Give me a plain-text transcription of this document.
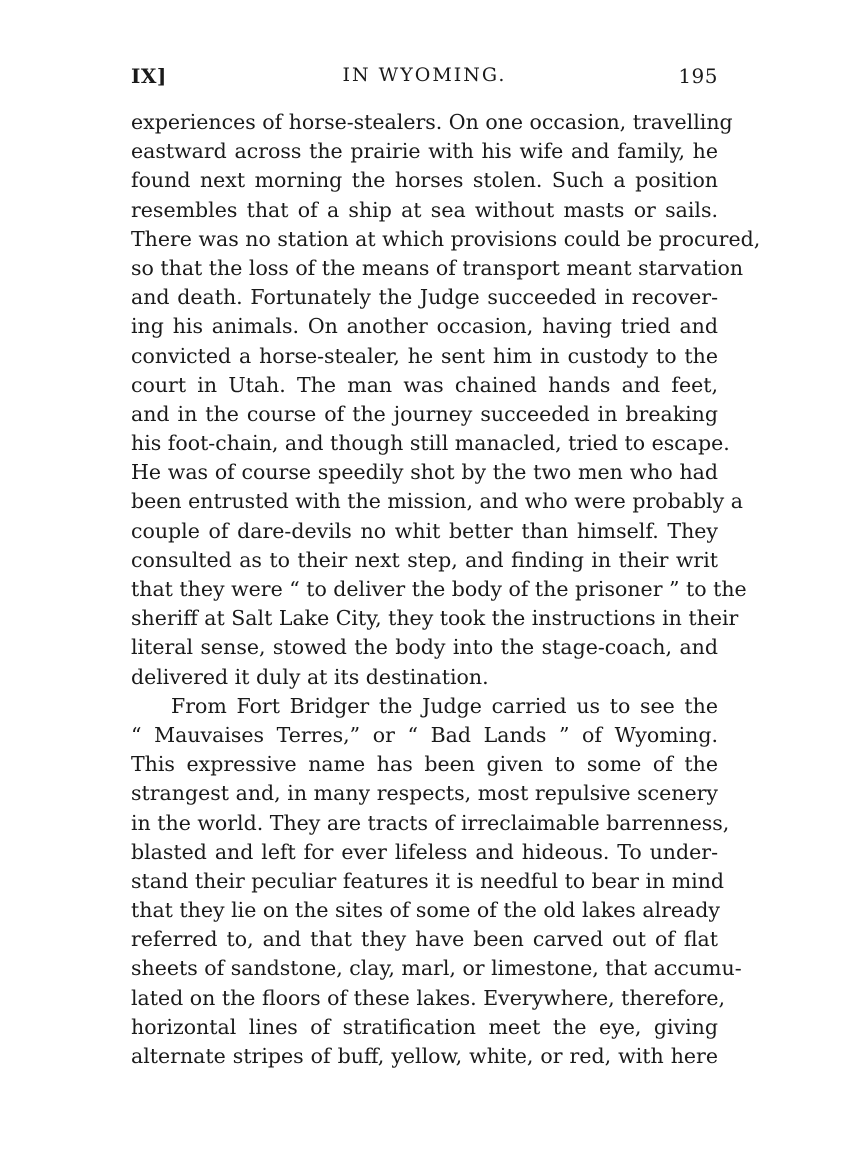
IX]	IN WYOMING.	195
experiences of horse-stealers. On one occasion, travelling
eastward across the prairie with his wife and family, he
found next morning the horses stolen. Such a position
resembles that of a ship at sea without masts or sails.
There was no station at which provisions could be procured,
so that the loss of the means of transport meant starvation
and death. Fortunately the Judge succeeded in recover-
ing his animals. On another occasion, having tried and
convicted a horse-stealer, he sent him in custody to the
court in Utah. The man was chained hands and feet,
and in the course of the journey succeeded in breaking
his foot-chain, and though still manacled, tried to escape.
He was of course speedily shot by the two men who had
been entrusted with the mission, and who were probably a
couple of dare-devils no whit better than himself. They
consulted as to their next step, and finding in their writ
that they were “ to deliver the body of the prisoner ” to the
sheriff at Salt Lake City, they took the instructions in their
literal sense, stowed the body into the stage-coach, and
delivered it duly at its destination.
From Fort Bridger the Judge carried us to see the
“ Mauvaises Terres,” or “ Bad Lands ” of Wyoming.
This expressive name has been given to some of the
strangest and, in many respects, most repulsive scenery
in the world. They are tracts of irreclaimable barrenness,
blasted and left for ever lifeless and hideous. To under-
stand their peculiar features it is needful to bear in mind
that they lie on the sites of some of the old lakes already
referred to, and that they have been carved out of flat
sheets of sandstone, clay, marl, or limestone, that accumu-
lated on the floors of these lakes. Everywhere, therefore,
horizontal lines of stratification meet the eye, giving
alternate stripes of buff, yellow, white, or red, with here
